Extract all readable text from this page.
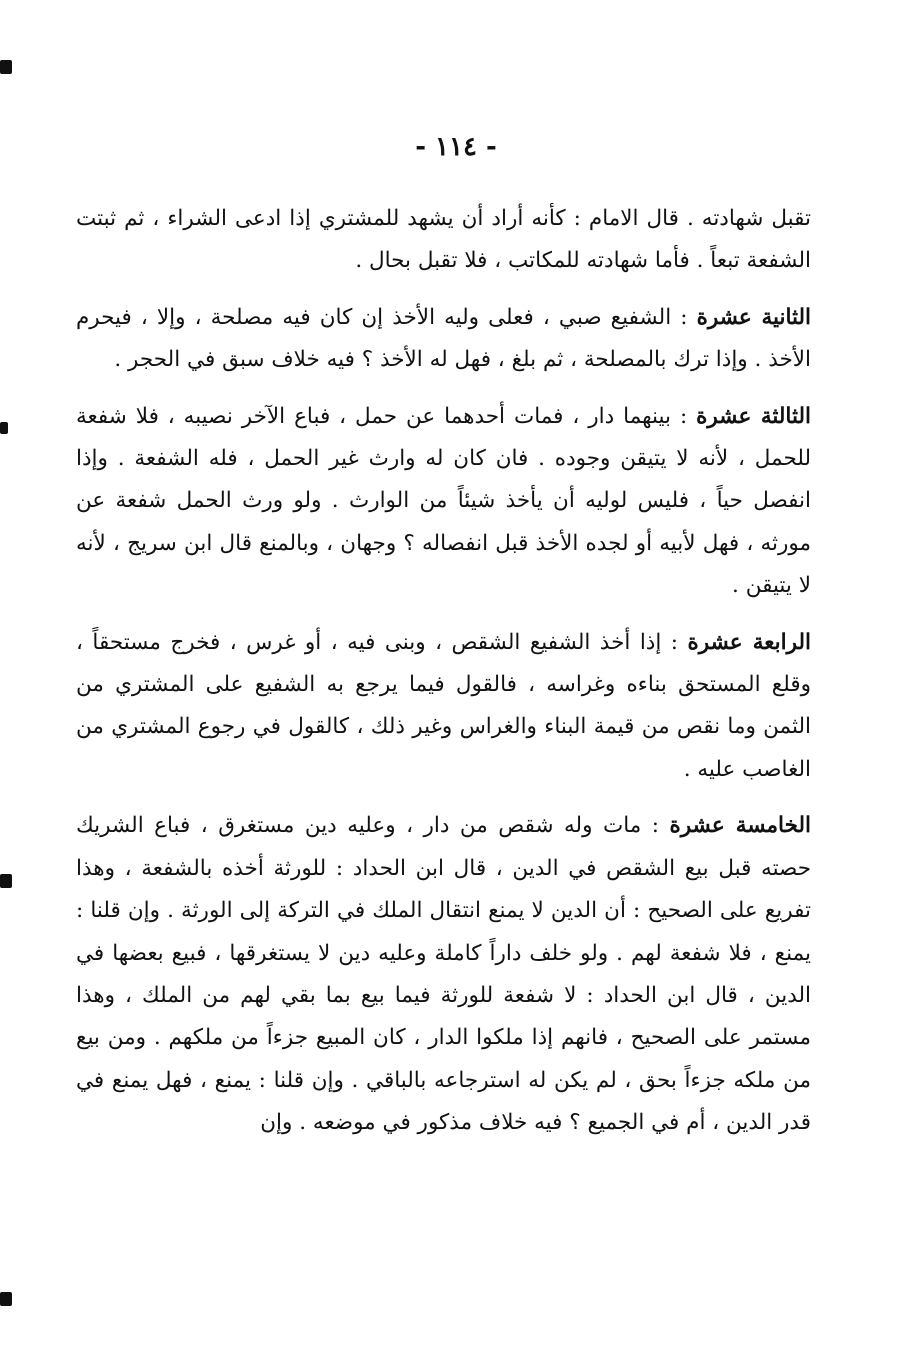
- ١١٤ -

تقبل شهادته . قال الامام : كأنه أراد أن يشهد للمشتري إذا ادعى الشراء ، ثم ثبتت الشفعة تبعاً . فأما شهادته للمكاتب ، فلا تقبل بحال .

الثانية عشرة : الشفيع صبي ، فعلى وليه الأخذ إن كان فيه مصلحة ، وإلا ، فيحرم الأخذ . وإذا ترك بالمصلحة ، ثم بلغ ، فهل له الأخذ ؟ فيه خلاف سبق في الحجر .

الثالثة عشرة : بينهما دار ، فمات أحدهما عن حمل ، فباع الآخر نصيبه ، فلا شفعة للحمل ، لأنه لا يتيقن وجوده . فان كان له وارث غير الحمل ، فله الشفعة . وإذا انفصل حياً ، فليس لوليه أن يأخذ شيئاً من الوارث . ولو ورث الحمل شفعة عن مورثه ، فهل لأبيه أو لجده الأخذ قبل انفصاله ؟ وجهان ، وبالمنع قال ابن سريج ، لأنه لا يتيقن .

الرابعة عشرة : إذا أخذ الشفيع الشقص ، وبنى فيه ، أو غرس ، فخرج مستحقاً ، وقلع المستحق بناءه وغراسه ، فالقول فيما يرجع به الشفيع على المشتري من الثمن وما نقص من قيمة البناء والغراس وغير ذلك ، كالقول في رجوع المشتري من الغاصب عليه .

الخامسة عشرة : مات وله شقص من دار ، وعليه دين مستغرق ، فباع الشريك حصته قبل بيع الشقص في الدين ، قال ابن الحداد : للورثة أخذه بالشفعة ، وهذا تفريع على الصحيح : أن الدين لا يمنع انتقال الملك في التركة إلى الورثة . وإن قلنا : يمنع ، فلا شفعة لهم . ولو خلف داراً كاملة وعليه دين لا يستغرقها ، فبيع بعضها في الدين ، قال ابن الحداد : لا شفعة للورثة فيما بيع بما بقي لهم من الملك ، وهذا مستمر على الصحيح ، فانهم إذا ملكوا الدار ، كان المبيع جزءاً من ملكهم . ومن بيع من ملكه جزءاً بحق ، لم يكن له استرجاعه بالباقي . وإن قلنا : يمنع ، فهل يمنع في قدر الدين ، أم في الجميع ؟ فيه خلاف مذكور في موضعه . وإن
